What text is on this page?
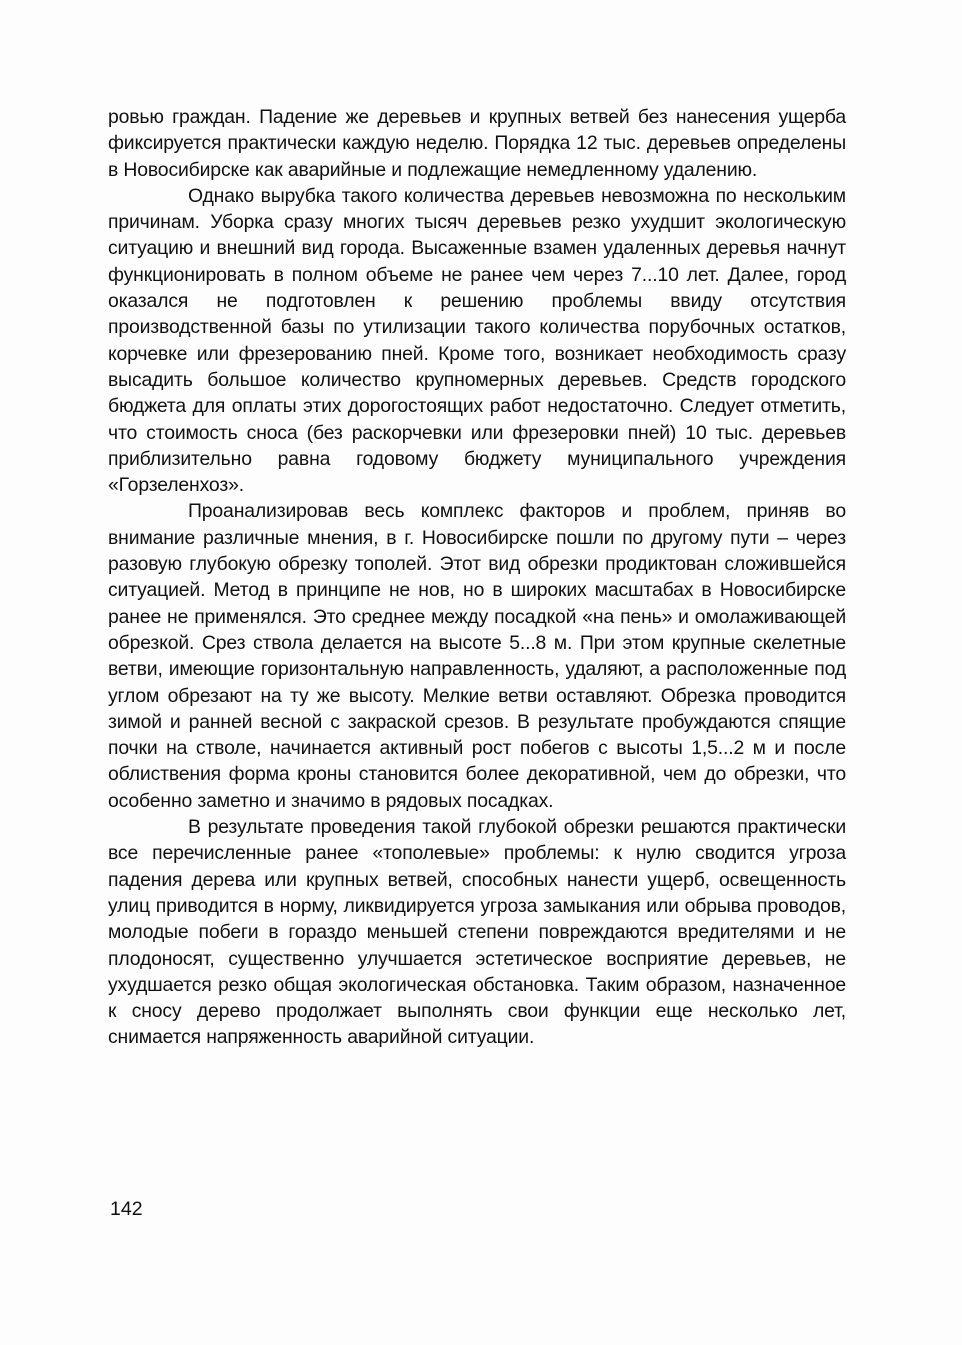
ровью граждан. Падение же деревьев и крупных ветвей без нанесения ущерба фиксируется практически каждую неделю. Порядка 12 тыс. деревьев определены в Новосибирске как аварийные и подлежащие немедленному удалению.

Однако вырубка такого количества деревьев невозможна по нескольким причинам. Уборка сразу многих тысяч деревьев резко ухудшит экологическую ситуацию и внешний вид города. Высаженные взамен удаленных деревья начнут функционировать в полном объеме не ранее чем через 7...10 лет. Далее, город оказался не подготовлен к решению проблемы ввиду отсутствия производственной базы по утилизации такого количества порубочных остатков, корчевке или фрезерованию пней. Кроме того, возникает необходимость сразу высадить большое количество крупномерных деревьев. Средств городского бюджета для оплаты этих дорогостоящих работ недостаточно. Следует отметить, что стоимость сноса (без раскорчевки или фрезеровки пней) 10 тыс. деревьев приблизительно равна годовому бюджету муниципального учреждения «Горзеленхоз».

Проанализировав весь комплекс факторов и проблем, приняв во внимание различные мнения, в г. Новосибирске пошли по другому пути – через разовую глубокую обрезку тополей. Этот вид обрезки продиктован сложившейся ситуацией. Метод в принципе не нов, но в широких масштабах в Новосибирске ранее не применялся. Это среднее между посадкой «на пень» и омолаживающей обрезкой. Срез ствола делается на высоте 5...8 м. При этом крупные скелетные ветви, имеющие горизонтальную направленность, удаляют, а расположенные под углом обрезают на ту же высоту. Мелкие ветви оставляют. Обрезка проводится зимой и ранней весной с закраской срезов. В результате пробуждаются спящие почки на стволе, начинается активный рост побегов с высоты 1,5...2 м и после облиствения форма кроны становится более декоративной, чем до обрезки, что особенно заметно и значимо в рядовых посадках.

В результате проведения такой глубокой обрезки решаются практически все перечисленные ранее «тополевые» проблемы: к нулю сводится угроза падения дерева или крупных ветвей, способных нанести ущерб, освещенность улиц приводится в норму, ликвидируется угроза замыкания или обрыва проводов, молодые побеги в гораздо меньшей степени повреждаются вредителями и не плодоносят, существенно улучшается эстетическое восприятие деревьев, не ухудшается резко общая экологическая обстановка. Таким образом, назначенное к сносу дерево продолжает выполнять свои функции еще несколько лет, снимается напряженность аварийной ситуации.

142
